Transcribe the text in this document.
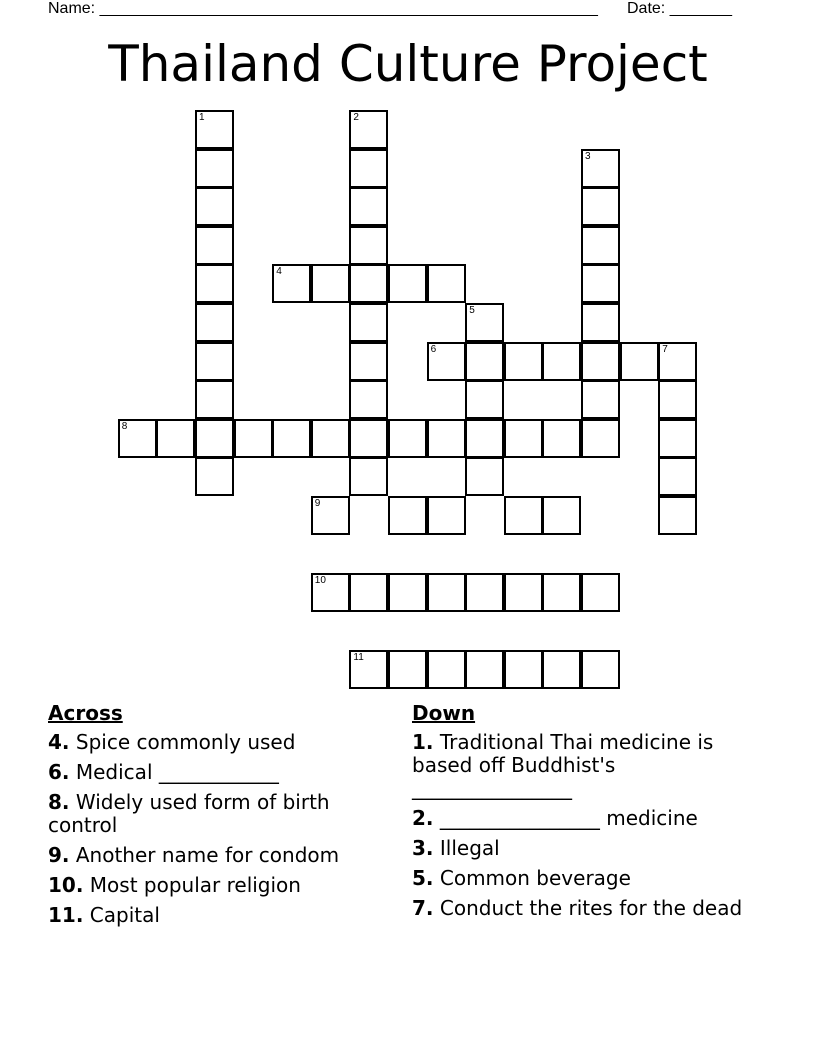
Name: ________________________________________________________ Date: _______
Thailand Culture Project
1	2
3
4
5
6	7
8
9
10
11
Across
4. Spice commonly used
6. Medical ____________
8. Widely used form of birth control
9. Another name for condom
10. Most popular religion
11. Capital
Down
1. Traditional Thai medicine is based off Buddhist's ________________
2. ________________ medicine
3. Illegal
5. Common beverage
7. Conduct the rites for the dead
